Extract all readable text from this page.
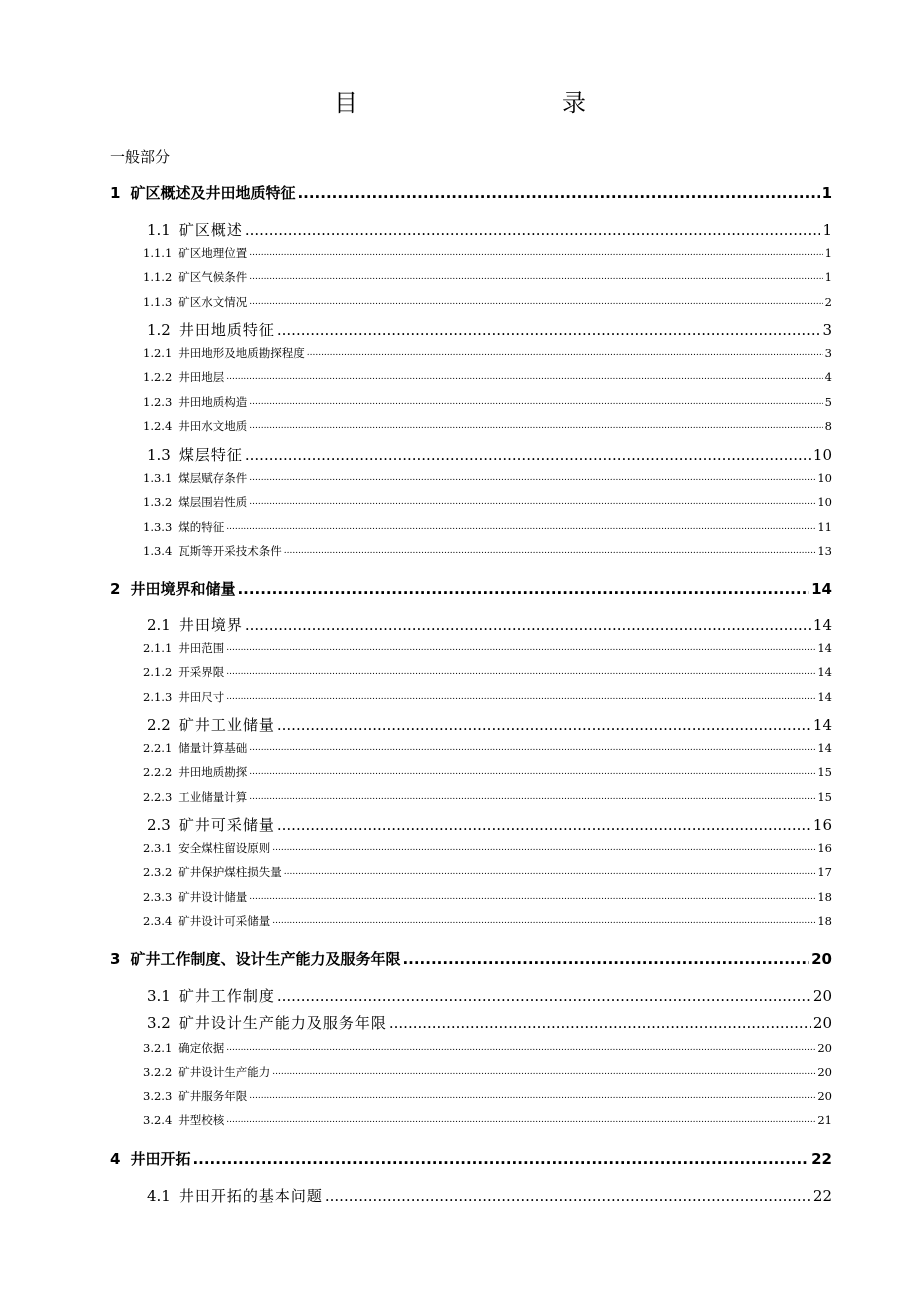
目　　录
一般部分
1 矿区概述及井田地质特征 .....	1
1.1 矿区概述 .....	1
1.1.1 矿区地理位置 .....	1
1.1.2 矿区气候条件 .....	1
1.1.3 矿区水文情况 .....	2
1.2 井田地质特征 .....	3
1.2.1 井田地形及地质勘探程度 .....	3
1.2.2 井田地层 .....	4
1.2.3 井田地质构造 .....	5
1.2.4 井田水文地质 .....	8
1.3 煤层特征 .....	10
1.3.1 煤层赋存条件 .....	10
1.3.2 煤层围岩性质 .....	10
1.3.3 煤的特征 .....	11
1.3.4 瓦斯等开采技术条件 .....	13
2 井田境界和储量 .....	14
2.1 井田境界 .....	14
2.1.1 井田范围 .....	14
2.1.2 开采界限 .....	14
2.1.3 井田尺寸 .....	14
2.2 矿井工业储量 .....	14
2.2.1 储量计算基础 .....	14
2.2.2 井田地质勘探 .....	15
2.2.3 工业储量计算 .....	15
2.3 矿井可采储量 .....	16
2.3.1 安全煤柱留设原则 .....	16
2.3.2 矿井保护煤柱损失量 .....	17
2.3.3 矿井设计储量 .....	18
2.3.4 矿井设计可采储量 .....	18
3 矿井工作制度、设计生产能力及服务年限 .....	20
3.1 矿井工作制度 .....	20
3.2 矿井设计生产能力及服务年限 .....	20
3.2.1 确定依据 .....	20
3.2.2 矿井设计生产能力 .....	20
3.2.3 矿井服务年限 .....	20
3.2.4 井型校核 .....	21
4 井田开拓 .....	22
4.1 井田开拓的基本问题 .....	22
